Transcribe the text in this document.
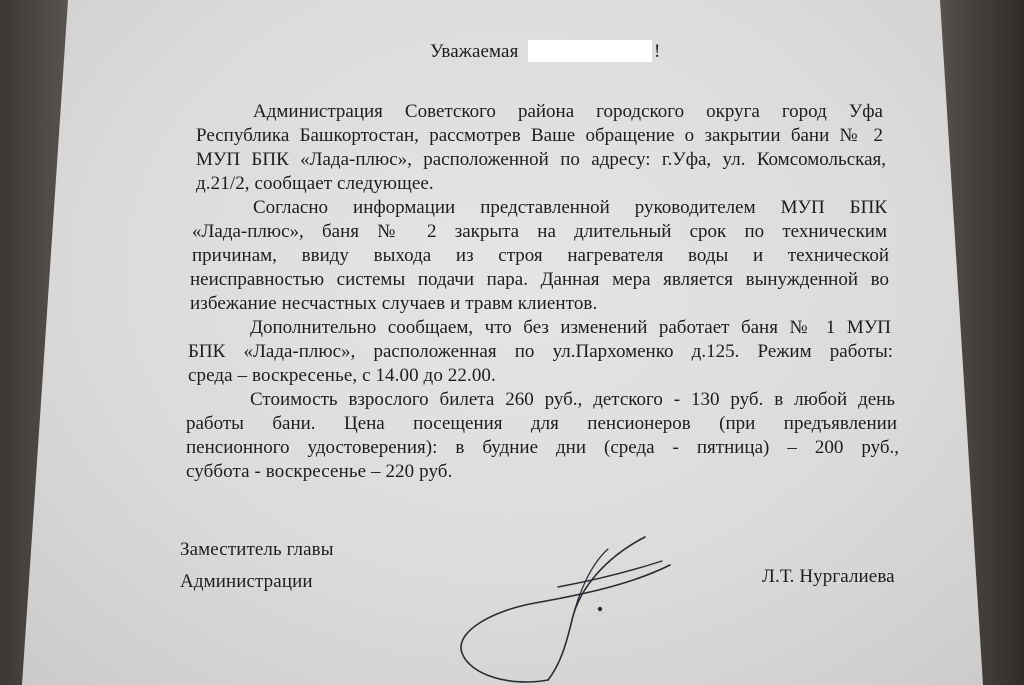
Уважаемая	!
Администрация Советского района городского округа город Уфа
Республика Башкортостан, рассмотрев Ваше обращение о закрытии бани № 2
МУП БПК «Лада-плюс», расположенной по адресу: г.Уфа, ул. Комсомольская,
д.21/2, сообщает следующее.
Согласно информации представленной руководителем МУП БПК
«Лада-плюс», баня № 2 закрыта на длительный срок по техническим
причинам, ввиду выхода из строя нагревателя воды и технической
неисправностью системы подачи пара. Данная мера является вынужденной во
избежание несчастных случаев и травм клиентов.
Дополнительно сообщаем, что без изменений работает баня № 1 МУП
БПК «Лада-плюс», расположенная по ул.Пархоменко д.125. Режим работы:
среда – воскресенье, с 14.00 до 22.00.
Стоимость взрослого билета 260 руб., детского - 130 руб. в любой день
работы бани. Цена посещения для пенсионеров (при предъявлении
пенсионного удостоверения): в будние дни (среда - пятница) – 200 руб.,
суббота - воскресенье – 220 руб.
Заместитель главы
Администрации	Л.Т. Нургалиева
